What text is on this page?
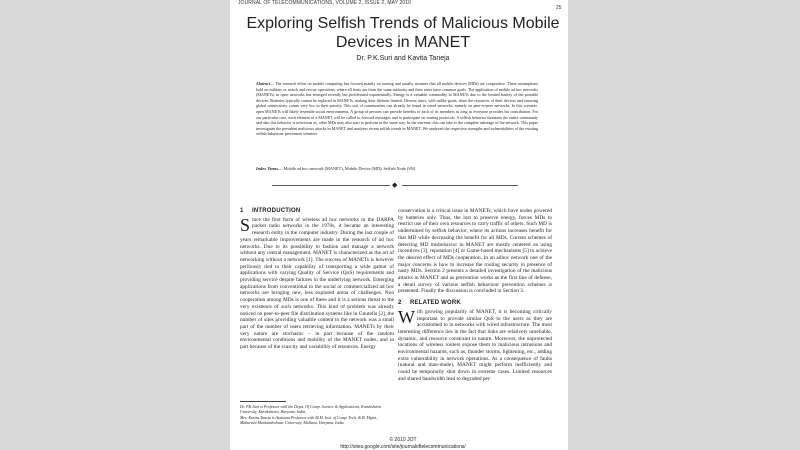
JOURNAL OF TELECOMMUNICATIONS, VOLUME 2, ISSUE 2, MAY 2010
25
Exploring Selfish Trends of Malicious Mobile
Devices in MANET
Dr. P.K.Suri and Kavita Taneja
Abstract— The research effort on mobile computing has focused mainly on routing and usually assumes that all mobile devices (MDs) are cooperative. These assumptions hold on military or search and rescue operations, where all hosts are from the same authority and their users have common goals. The application of mobile ad hoc networks (MANETs) as open networks has emerged recently but proliferated exponentially. Energy is a valuable commodity in MANETs due to the limited battery of the portable devices. Batteries typically cannot be replaced in MANETs, making their lifetime limited. Diverse users, with unlike goals, share the resources of their devices and ensuring global connectivity comes very low in their priority. This sort of communities can already be found in wired networks, namely on peer-to-peer networks. In this scenario, open MANETs will likely resemble social environments. A group of persons can provide benefits to each of its members as long as everyone provides his contribution. For our particular case, each element of a MANET will be called to forward messages and to participate on routing protocols. A selfish behavior threatens the entire community and also this behavior is infectious as, other MDs may also start to perform in the same way. In the extreme, this can take to the complete sabotage of the network. This paper investigates the prevalent malicious attacks in MANET and analyzes recent selfish trends in MANET. We analyzed the respective strengths and vulnerabilities of the existing selfish behaviour prevention schemes.
Index Terms— Mobile ad hoc network (MANET), Mobile Device (MD), Selfish Node (SN)
◆
1 INTRODUCTION

Since the first form of wireless ad hoc networks in the DARPA packet radio networks in the 1970s, it became an interesting research entity in the computer industry. During the last couple of years remarkable improvements are made in the research of ad hoc networks. Due to its possibility to fashion and manage a network without any central management, MANET is characterized as the art of networking without a network [1]. The success of MANETs is however perilously tied to their capability of transporting a wide gamut of applications with varying Quality of Service (QoS) requirements and providing service despite failures in the underlying network. Emerging applications from conventional to the social or commercialized ad hoc networks are bringing new, less explored arena of challenges. Non cooperation among MDs is one of these and it is a serious threat to the very existence of such networks. This kind of problem was already noticed on peer-to-peer file distribution systems like in Gnutella [2], the number of sites providing valuable content to the network was a small part of the number of users retrieving information. MANETs by their very nature are stochastic – in part because of the random environmental conditions and mobility of the MANET nodes, and in part because of the scarcity and variability of resources. Energy

conservation is a critical issue in MANETs, which have nodes powered by batteries only. Thus, the lust to preserve energy, forces MDs to restrict use of their own resources to carry traffic of others. Such MD is undermined by selfish behavior, where its actions increases benefit for that MD while decreasing the benefit for all MDs. Current schemes of detecting MD misbehavior in MANET are mostly centered on using incentives [3], reputation [4] or Game-based mechanisms [5] to achieve the desired effect of MDs cooperation. In an adhoc network one of the major concerns is how to increase the routing security in presence of nasty MDs. Section 2 presents a detailed investigation of the malicious attacks in MANET and as prevention works as the first line of defense, a detail survey of various selfish behaviour prevention schemes is presented. Finally the discussion is concluded in Section 3.

2 RELATED WORK

With growing popularity of MANET, it is becoming critically important to provide similar QoS to the users as they are accustomed to in networks with wired infrastructure. The most interesting difference lies in the fact that links are relatively unreliable, dynamic, and resource constraint in nature. Moreover, the unprotected locations of wireless routers expose them to malicious intrusions and environmental hazards, such as, thunder storms, lightening, etc., adding extra vulnerability in network operations. As a consequence of faults (natural and man-made), MANET might perform inefficiently and could be temporarily shut down in extreme cases. Limited resources and shared bandwidth lead to degraded per-

Dr. P.K.Suri is Professor with the Deptt. Of Comp. Science & Applications, Kurukshetra University, Kurukshetra, Haryana, India.

Mrs. Kavita Taneja is Assistant Professor with M.M. Inst. of Comp. Tech. & B. Mgmt., Maharishi Markandeshwar University, Mullana, Haryana, India.

© 2010 JOT
http://sites.google.com/site/journaloftelecommunications/
